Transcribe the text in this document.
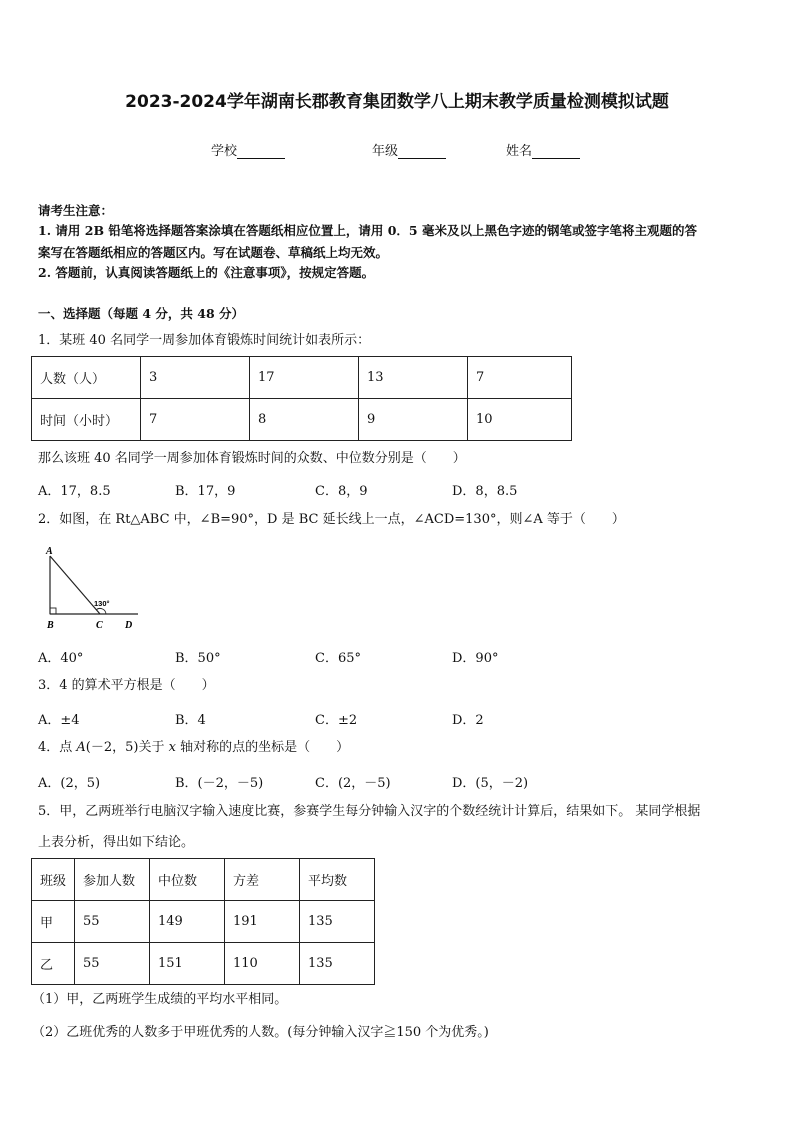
2023-2024学年湖南长郡教育集团数学八上期末教学质量检测模拟试题
学校	年级	姓名
请考生注意：
1. 请用 2B 铅笔将选择题答案涂填在答题纸相应位置上，请用 0．5 毫米及以上黑色字迹的钢笔或签字笔将主观题的答
案写在答题纸相应的答题区内。写在试题卷、草稿纸上均无效。
2. 答题前，认真阅读答题纸上的《注意事项》，按规定答题。
一、选择题（每题 4 分，共 48 分）
1．某班 40 名同学一周参加体育锻炼时间统计如表所示：
人数（人）	3	17	13	7
时间（小时）	7	8	9	10
那么该班 40 名同学一周参加体育锻炼时间的众数、中位数分别是（　　）
A．17，8.5	B．17，9	C．8，9	D．8，8.5
2．如图，在 Rt△ABC 中，∠B=90°，D 是 BC 延长线上一点，∠ACD=130°，则∠A 等于（　　）
A
B	C D
130°
A．40°	B．50°	C．65°	D．90°
3．4 的算术平方根是（　　）
A．±4	B．4	C．±2	D．2
4．点 A(－2，5)关于 x 轴对称的点的坐标是（　　）
A．(2，5)	B．(－2，－5)	C．(2，－5)	D．(5，－2)
5．甲，乙两班举行电脑汉字输入速度比赛，参赛学生每分钟输入汉字的个数经统计计算后，结果如下。 某同学根据
上表分析，得出如下结论。
班级	参加人数	中位数	方差	平均数
甲	55	149	191	135
乙	55	151	110	135
（1）甲，乙两班学生成绩的平均水平相同。
（2）乙班优秀的人数多于甲班优秀的人数。(每分钟输入汉字≧150 个为优秀。)
